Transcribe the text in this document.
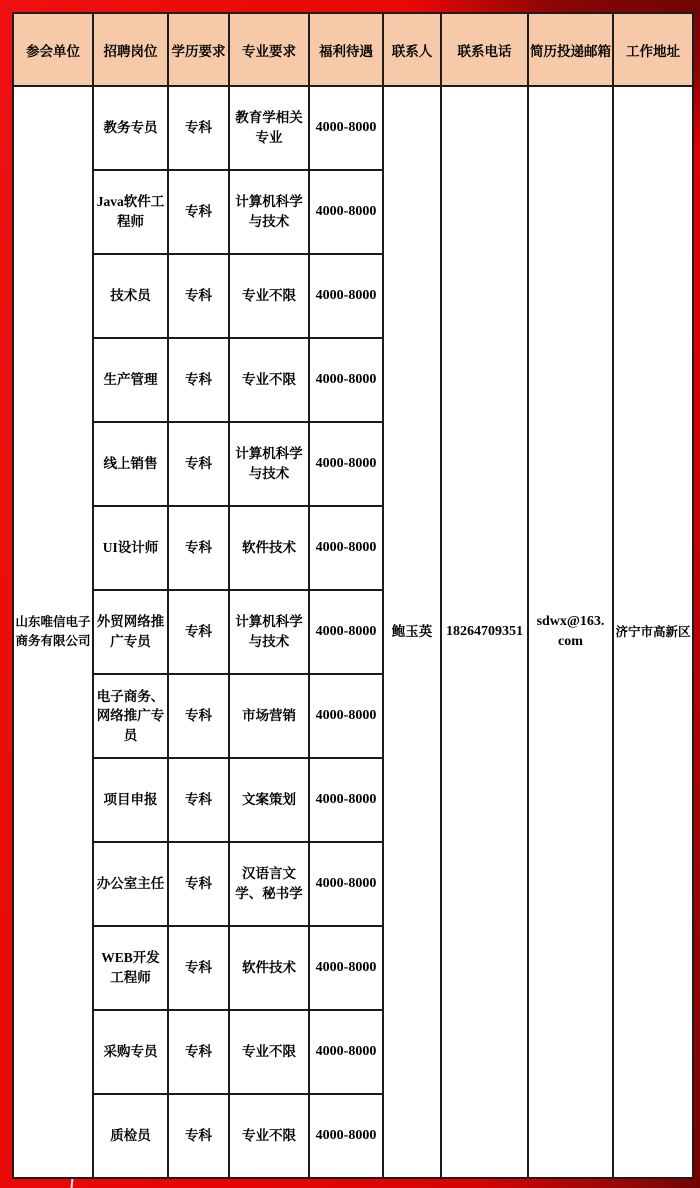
参会单位	招聘岗位	学历要求	专业要求	福利待遇	联系人	联系电话	简历投递邮箱	工作地址
山东唯信电子商务有限公司	教务专员	专科	教育学相关专业	4000-8000	鲍玉英	18264709351	sdwx@163.com	济宁市高新区
	Java软件工程师	专科	计算机科学与技术	4000-8000				
	技术员	专科	专业不限	4000-8000				
	生产管理	专科	专业不限	4000-8000				
	线上销售	专科	计算机科学与技术	4000-8000				
	UI设计师	专科	软件技术	4000-8000				
	外贸网络推广专员	专科	计算机科学与技术	4000-8000				
	电子商务、网络推广专员	专科	市场营销	4000-8000				
	项目申报	专科	文案策划	4000-8000				
	办公室主任	专科	汉语言文学、秘书学	4000-8000				
	WEB开发工程师	专科	软件技术	4000-8000				
	采购专员	专科	专业不限	4000-8000				
	质检员	专科	专业不限	4000-8000				
